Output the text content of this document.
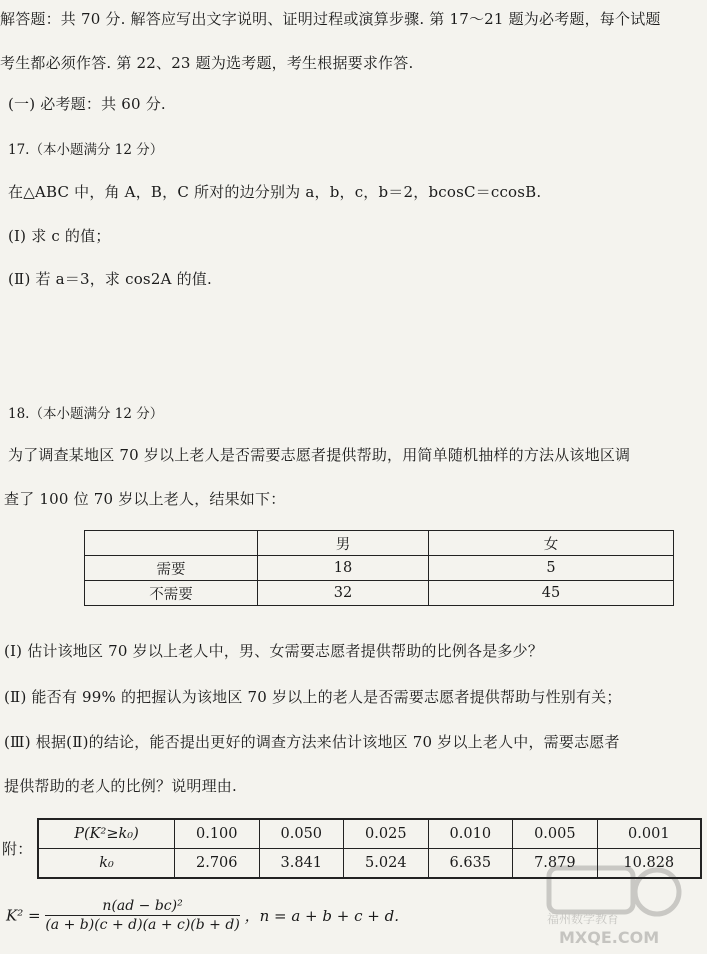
解答题：共 70 分. 解答应写出文字说明、证明过程或演算步骤. 第 17～21 题为必考题，每个试题
考生都必须作答. 第 22、23 题为选考题，考生根据要求作答.
(一) 必考题：共 60 分.
17.（本小题满分 12 分）
在△ABC 中，角 A，B，C 所对的边分别为 a，b，c，b＝2，bcosC＝ccosB.
(Ⅰ) 求 c 的值；
(Ⅱ) 若 a＝3，求 cos2A 的值.
18.（本小题满分 12 分）
为了调查某地区 70 岁以上老人是否需要志愿者提供帮助，用简单随机抽样的方法从该地区调
查了 100 位 70 岁以上老人，结果如下：
	男	女
需要	18	5
不需要	32	45
(Ⅰ) 估计该地区 70 岁以上老人中，男、女需要志愿者提供帮助的比例各是多少？
(Ⅱ) 能否有 99% 的把握认为该地区 70 岁以上的老人是否需要志愿者提供帮助与性别有关；
(Ⅲ) 根据(Ⅱ)的结论，能否提出更好的调查方法来估计该地区 70 岁以上老人中，需要志愿者
提供帮助的老人的比例？说明理由.
附：
P(K²≥k₀)	0.100	0.050	0.025	0.010	0.005	0.001
k₀	2.706	3.841	5.024	6.635	7.879	10.828
$K^2 = \frac{\text{n(ad − bc)²}}{(a + b)(c + d)(a + c)(b + d)}$ ，n = a + b + c + d.	福州数学教育
MXQE.COM
